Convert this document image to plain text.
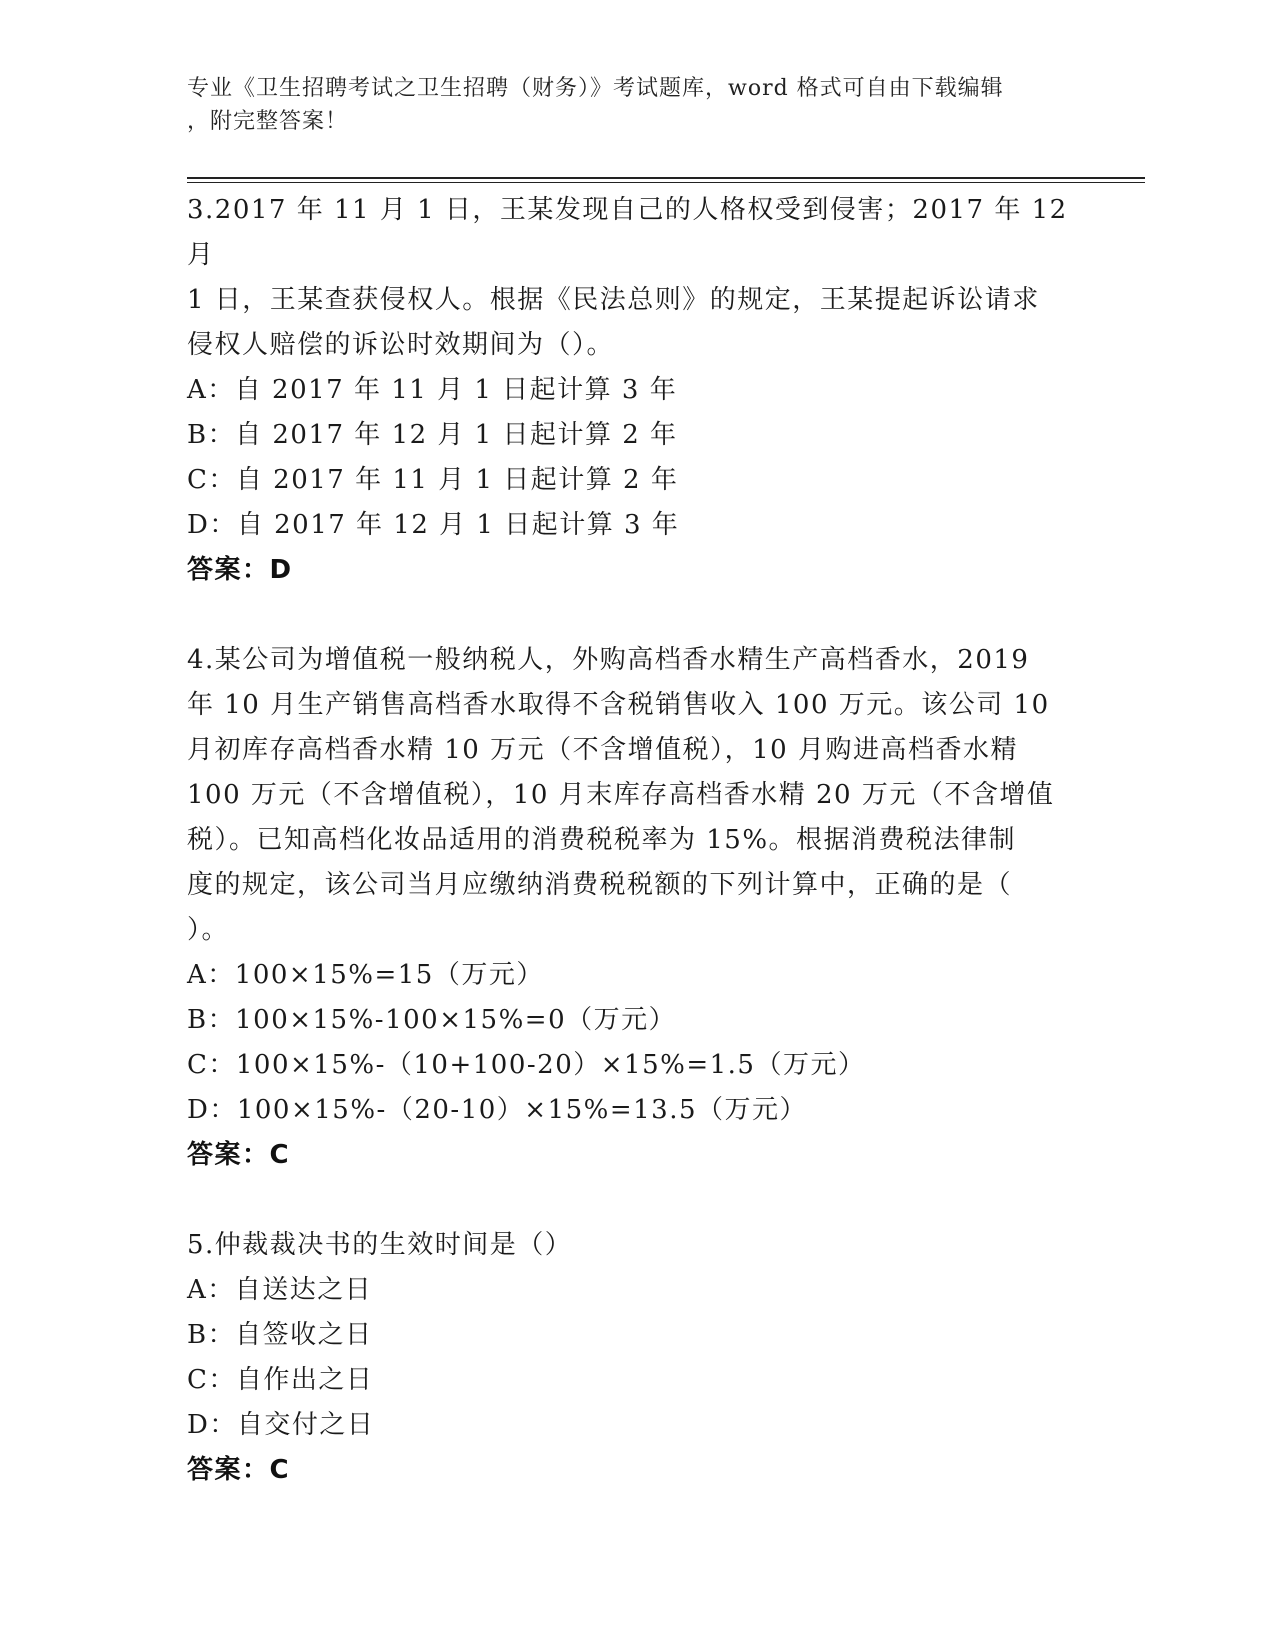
专业《卫生招聘考试之卫生招聘（财务）》考试题库，word 格式可自由下载编辑
，附完整答案！

3.2017 年 11 月 1 日，王某发现自己的人格权受到侵害；2017 年 12 月

1 日，王某查获侵权人。根据《民法总则》的规定，王某提起诉讼请求

侵权人赔偿的诉讼时效期间为（）。

A：自 2017 年 11 月 1 日起计算 3 年

B：自 2017 年 12 月 1 日起计算 2 年

C：自 2017 年 11 月 1 日起计算 2 年

D：自 2017 年 12 月 1 日起计算 3 年

答案：D

4.某公司为增值税一般纳税人，外购高档香水精生产高档香水，2019

年 10 月生产销售高档香水取得不含税销售收入 100 万元。该公司 10

月初库存高档香水精 10 万元（不含增值税），10 月购进高档香水精

100 万元（不含增值税），10 月末库存高档香水精 20 万元（不含增值

税）。已知高档化妆品适用的消费税税率为 15%。根据消费税法律制

度的规定，该公司当月应缴纳消费税税额的下列计算中，正确的是（

）。

A：100×15%=15（万元）

B：100×15%-100×15%=0（万元）

C：100×15%-（10+100-20）×15%=1.5（万元）

D：100×15%-（20-10）×15%=13.5（万元）

答案：C

5.仲裁裁决书的生效时间是（）

A：自送达之日

B：自签收之日

C：自作出之日

D：自交付之日

答案：C
